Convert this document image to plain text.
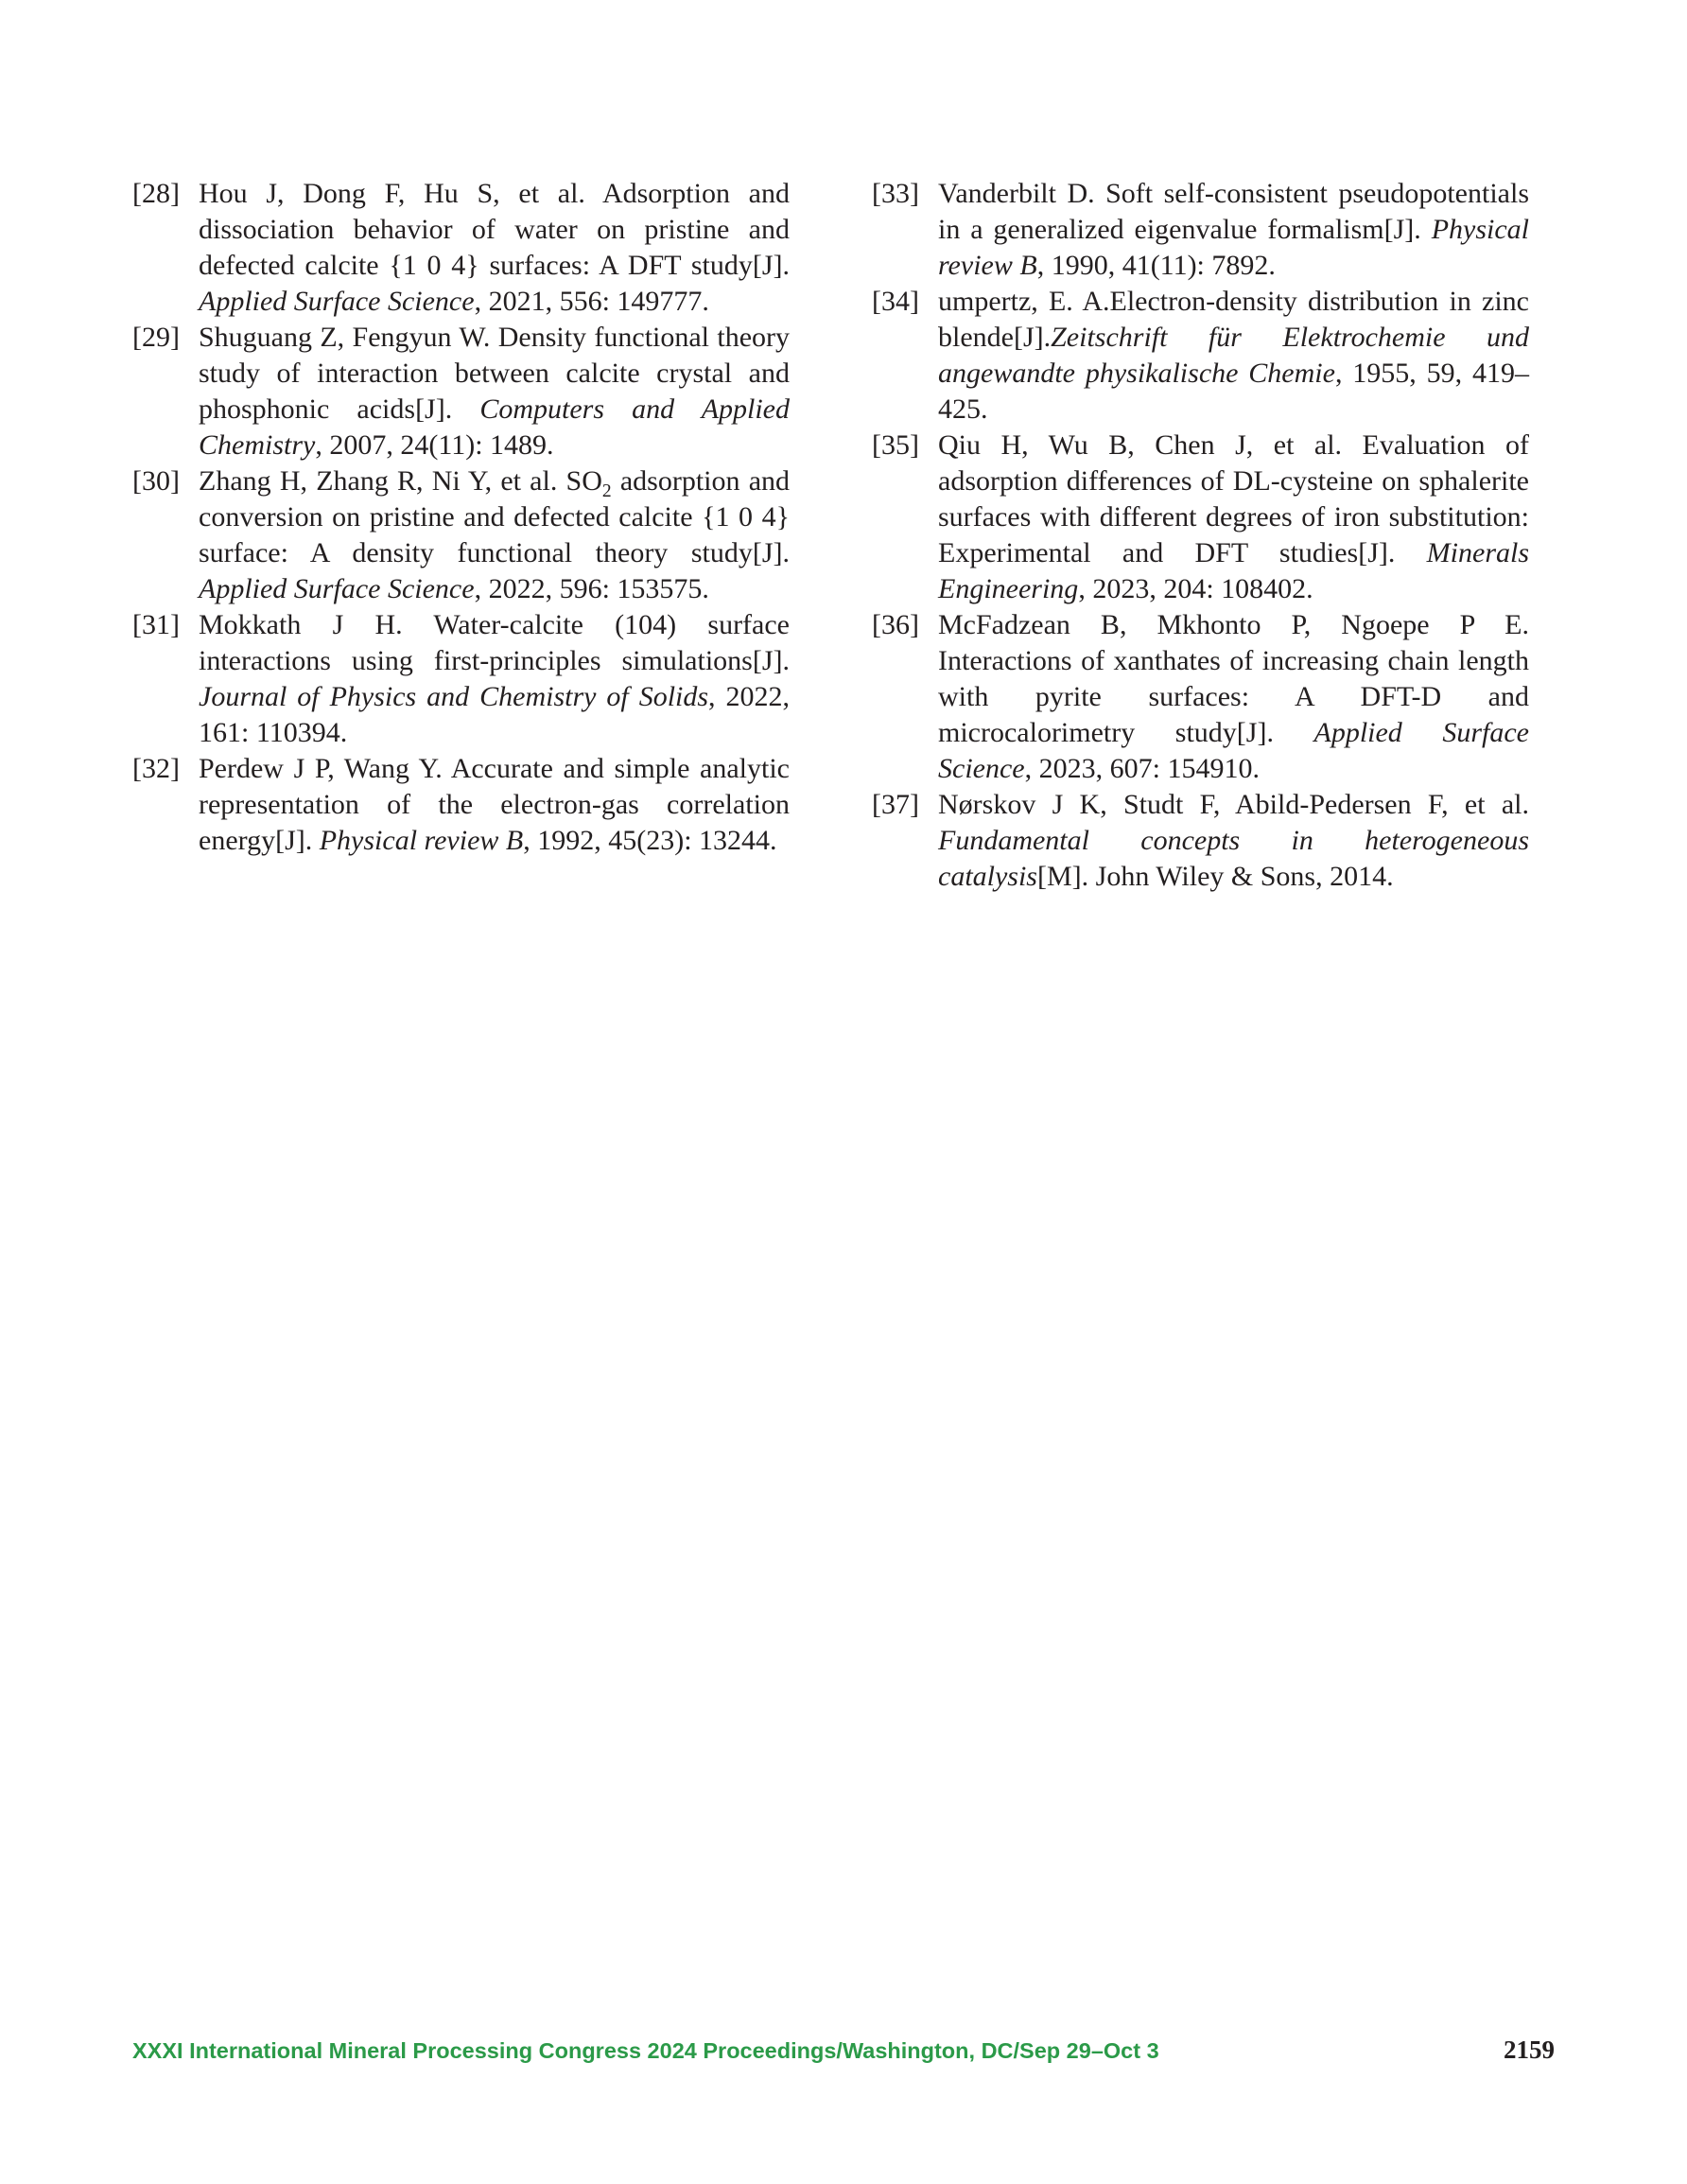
[28] Hou J, Dong F, Hu S, et al. Adsorption and dissociation behavior of water on pristine and defected calcite {1 0 4} surfaces: A DFT study[J]. Applied Surface Science, 2021, 556: 149777.
[29] Shuguang Z, Fengyun W. Density functional theory study of interaction between calcite crystal and phosphonic acids[J]. Computers and Applied Chemistry, 2007, 24(11): 1489.
[30] Zhang H, Zhang R, Ni Y, et al. $SO_2$ adsorption and conversion on pristine and defected calcite {1 0 4} surface: A density functional theory study[J]. Applied Surface Science, 2022, 596: 153575.
[31] Mokkath J H. Water-calcite (104) surface interactions using first-principles simulations[J]. Journal of Physics and Chemistry of Solids, 2022, 161: 110394.
[32] Perdew J P, Wang Y. Accurate and simple analytic representation of the electron-gas correlation energy[J]. Physical review B, 1992, 45(23): 13244.
[33] Vanderbilt D. Soft self-consistent pseudopotentials in a generalized eigenvalue formalism[J]. Physical review B, 1990, 41(11): 7892.
[34] umpertz, E. A.Electron-density distribution in zinc blende[J].Zeitschrift für Elektrochemie und angewandte physikalische Chemie, 1955, 59, 419–425.
[35] Qiu H, Wu B, Chen J, et al. Evaluation of adsorption differences of DL-cysteine on sphalerite surfaces with different degrees of iron substitution: Experimental and DFT studies[J]. Minerals Engineering, 2023, 204: 108402.
[36] McFadzean B, Mkhonto P, Ngoepe P E. Interactions of xanthates of increasing chain length with pyrite surfaces: A DFT-D and microcalorimetry study[J]. Applied Surface Science, 2023, 607: 154910.
[37] Nørskov J K, Studt F, Abild-Pedersen F, et al. Fundamental concepts in heterogeneous catalysis[M]. John Wiley & Sons, 2014.
XXXI International Mineral Processing Congress 2024 Proceedings/Washington, DC/Sep 29–Oct 3	2159
